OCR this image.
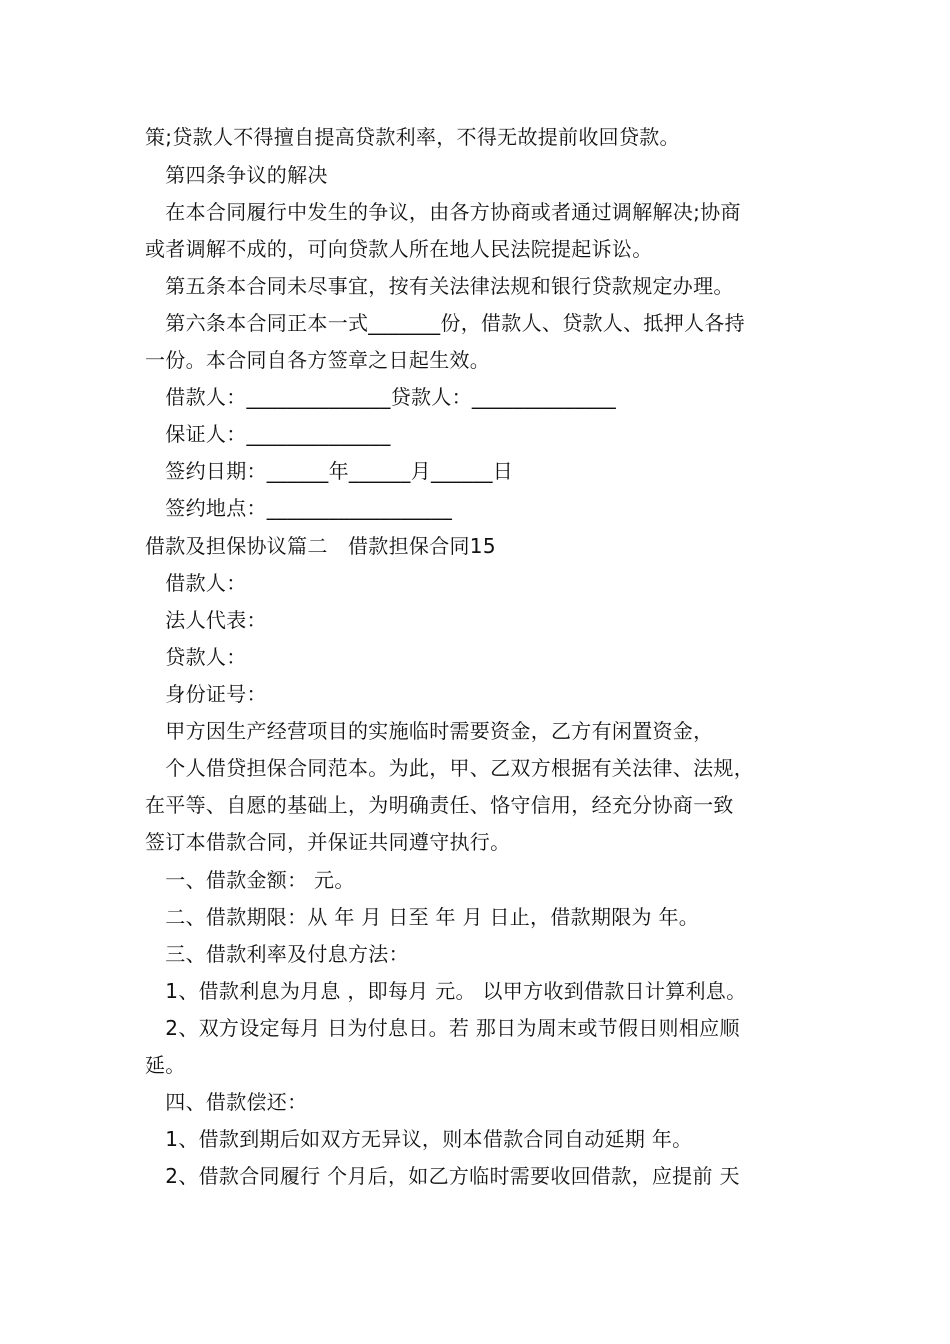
策;贷款人不得擅自提高贷款利率，不得无故提前收回贷款。
　第四条争议的解决
　在本合同履行中发生的争议，由各方协商或者通过调解解决;协商
或者调解不成的，可向贷款人所在地人民法院提起诉讼。
　第五条本合同未尽事宜，按有关法律法规和银行贷款规定办理。
　第六条本合同正本一式_______份，借款人、贷款人、抵押人各持
一份。本合同自各方签章之日起生效。
　借款人：______________贷款人：______________
　保证人：______________
　签约日期：______年______月______日
　签约地点：__________________
借款及担保协议篇二　借款担保合同15
　借款人：
　法人代表：
　贷款人：
　身份证号：
　甲方因生产经营项目的实施临时需要资金，乙方有闲置资金，
　个人借贷担保合同范本。为此，甲、乙双方根据有关法律、法规，
在平等、自愿的基础上，为明确责任、恪守信用，经充分协商一致
签订本借款合同，并保证共同遵守执行。
　一、借款金额： 元。
　二、借款期限：从 年 月 日至 年 月 日止，借款期限为 年。
　三、借款利率及付息方法：
　1、借款利息为月息 ，即每月 元。 以甲方收到借款日计算利息。
　2、双方设定每月 日为付息日。若 那日为周末或节假日则相应顺
延。
　四、借款偿还：
　1、借款到期后如双方无异议，则本借款合同自动延期 年。
　2、借款合同履行 个月后，如乙方临时需要收回借款，应提前 天
